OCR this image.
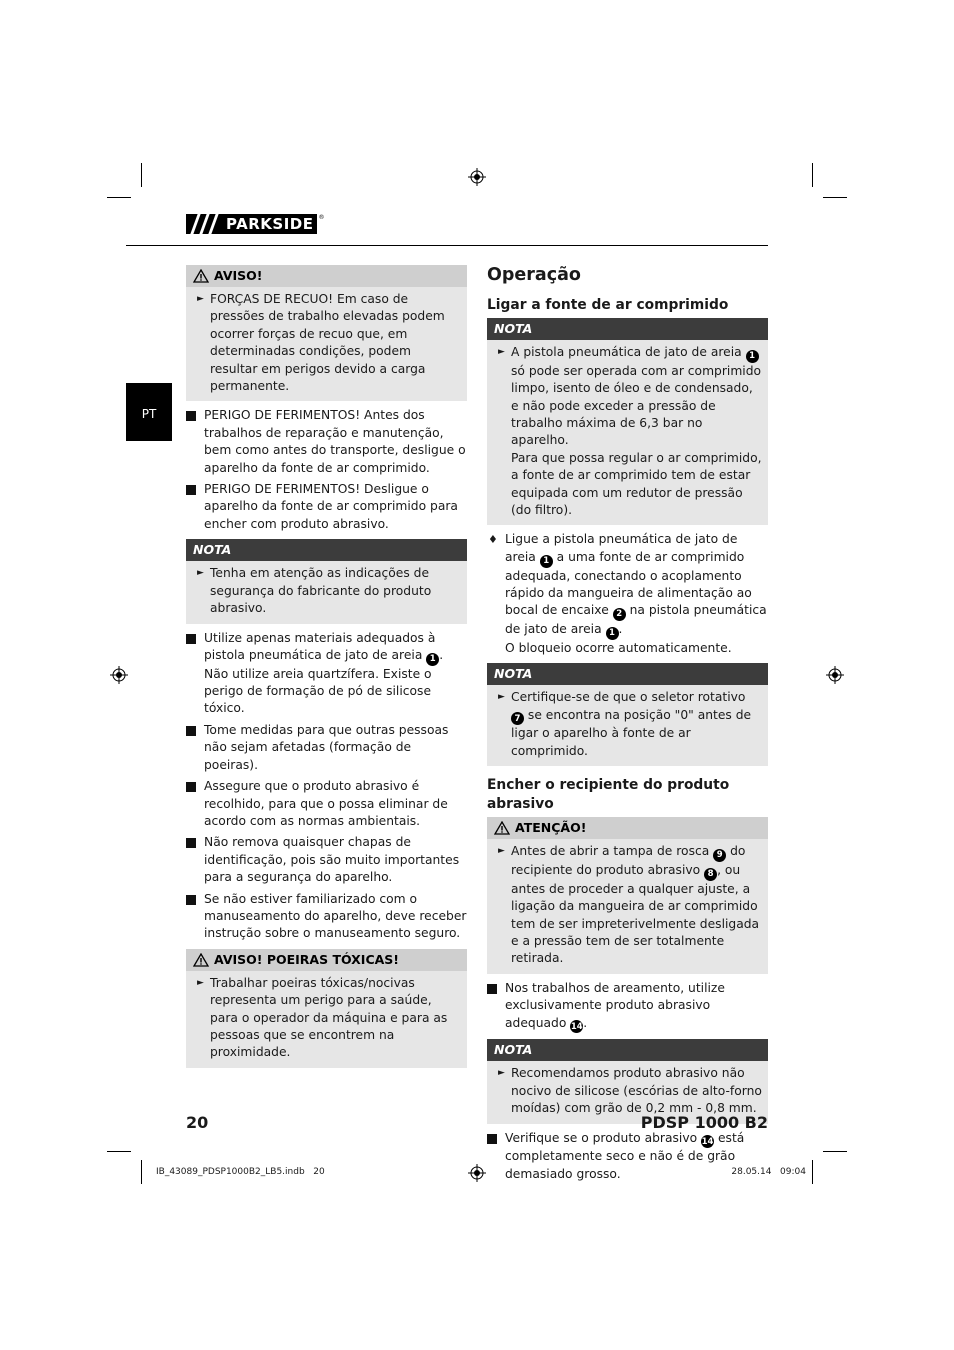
PARKSIDE ®
PT
AVISO!
► FORÇAS DE RECUO! Em caso de pressões de trabalho elevadas podem ocorrer forças de recuo que, em determinadas condições, podem resultar em perigos devido a carga permanente.
PERIGO DE FERIMENTOS! Antes dos trabalhos de reparação e manutenção, bem como antes do transporte, desligue o aparelho da fonte de ar comprimido.
PERIGO DE FERIMENTOS! Desligue o aparelho da fonte de ar comprimido para encher com produto abrasivo.
NOTA
► Tenha em atenção as indicações de segurança do fabricante do produto abrasivo.
Utilize apenas materiais adequados à pistola pneumática de jato de areia 1 . Não utilize areia quartzífera. Existe o perigo de formação de pó de silicose tóxico.
Tome medidas para que outras pessoas não sejam afetadas (formação de poeiras).
Assegure que o produto abrasivo é recolhido, para que o possa eliminar de acordo com as normas ambientais.
Não remova quaisquer chapas de identificação, pois são muito importantes para a segurança do aparelho.
Se não estiver familiarizado com o manuseamento do aparelho, deve receber instrução sobre o manuseamento seguro.
AVISO! POEIRAS TÓXICAS!
► Trabalhar poeiras tóxicas/nocivas representa um perigo para a saúde, para o operador da máquina e para as pessoas que se encontrem na proximidade.
Operação
Ligar a fonte de ar comprimido
NOTA
► A pistola pneumática de jato de areia 1 só pode ser operada com ar comprimido limpo, isento de óleo e de condensado, e não pode exceder a pressão de trabalho máxima de 6,3 bar no aparelho.
Para que possa regular o ar comprimido, a fonte de ar comprimido tem de estar equipada com um redutor de pressão (do filtro).
♦ Ligue a pistola pneumática de jato de areia 1 a uma fonte de ar comprimido adequada, conectando o acoplamento rápido da mangueira de alimentação ao bocal de encaixe 2 na pistola pneumática de jato de areia 1 .
O bloqueio ocorre automaticamente.
NOTA
► Certifique-se de que o seletor rotativo 7 se encontra na posição "0" antes de ligar o aparelho à fonte de ar comprimido.
Encher o recipiente do produto abrasivo
ATENÇÃO!
► Antes de abrir a tampa de rosca 9 do recipiente do produto abrasivo 8 , ou antes de proceder a qualquer ajuste, a ligação da mangueira de ar comprimido tem de ser impreterivelmente desligada e a pressão tem de ser totalmente retirada.
Nos trabalhos de areamento, utilize exclusivamente produto abrasivo adequado 14.
NOTA
► Recomendamos produto abrasivo não nocivo de silicose (escórias de alto-forno moídas) com grão de 0,2 mm - 0,8 mm.
Verifique se o produto abrasivo 14 está completamente seco e não é de grão demasiado grosso.
20	PDSP 1000 B2
IB_43089_PDSP1000B2_LB5.indb   20	28.05.14   09:04
